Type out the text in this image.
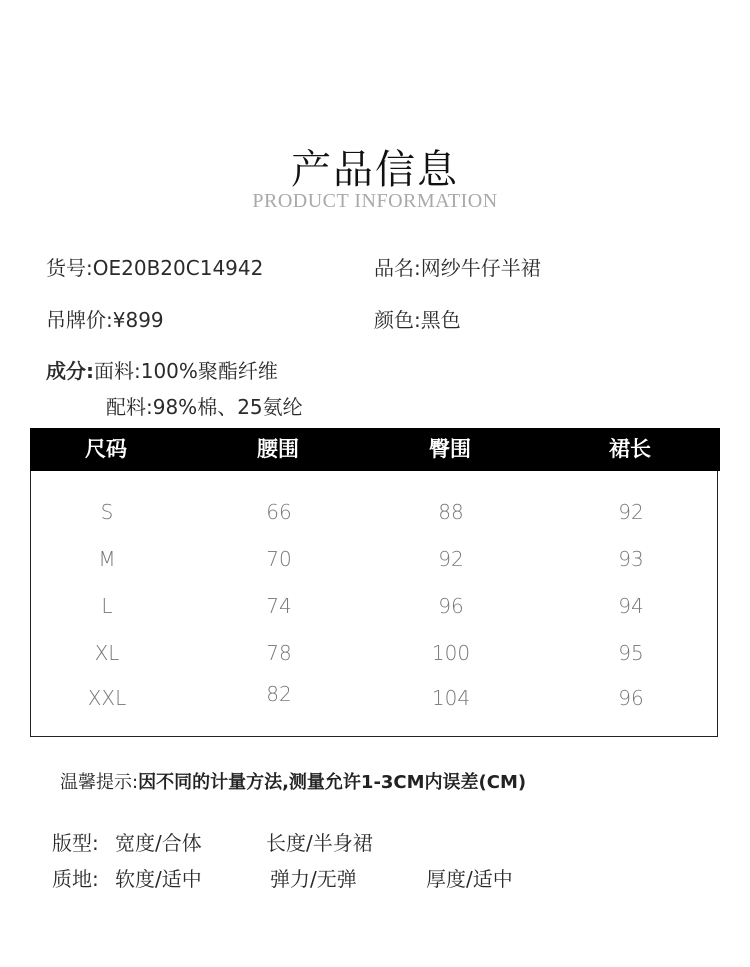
产品信息
PRODUCT INFORMATION
货号:OE20B20C14942	品名:网纱牛仔半裙
吊牌价:¥899	颜色:黑色
成分:面料:100%聚酯纤维
配料:98%棉、25氨纶
尺码	腰围	臀围	裙长
S	66	88	92
M	70	92	93
L	74	96	94
XL	78	100	95
XXL	82	104	96
温馨提示:因不同的计量方法,测量允许1-3CM内误差(CM)
版型: 宽度/合体	长度/半身裙
质地: 软度/适中	弹力/无弹	厚度/适中
